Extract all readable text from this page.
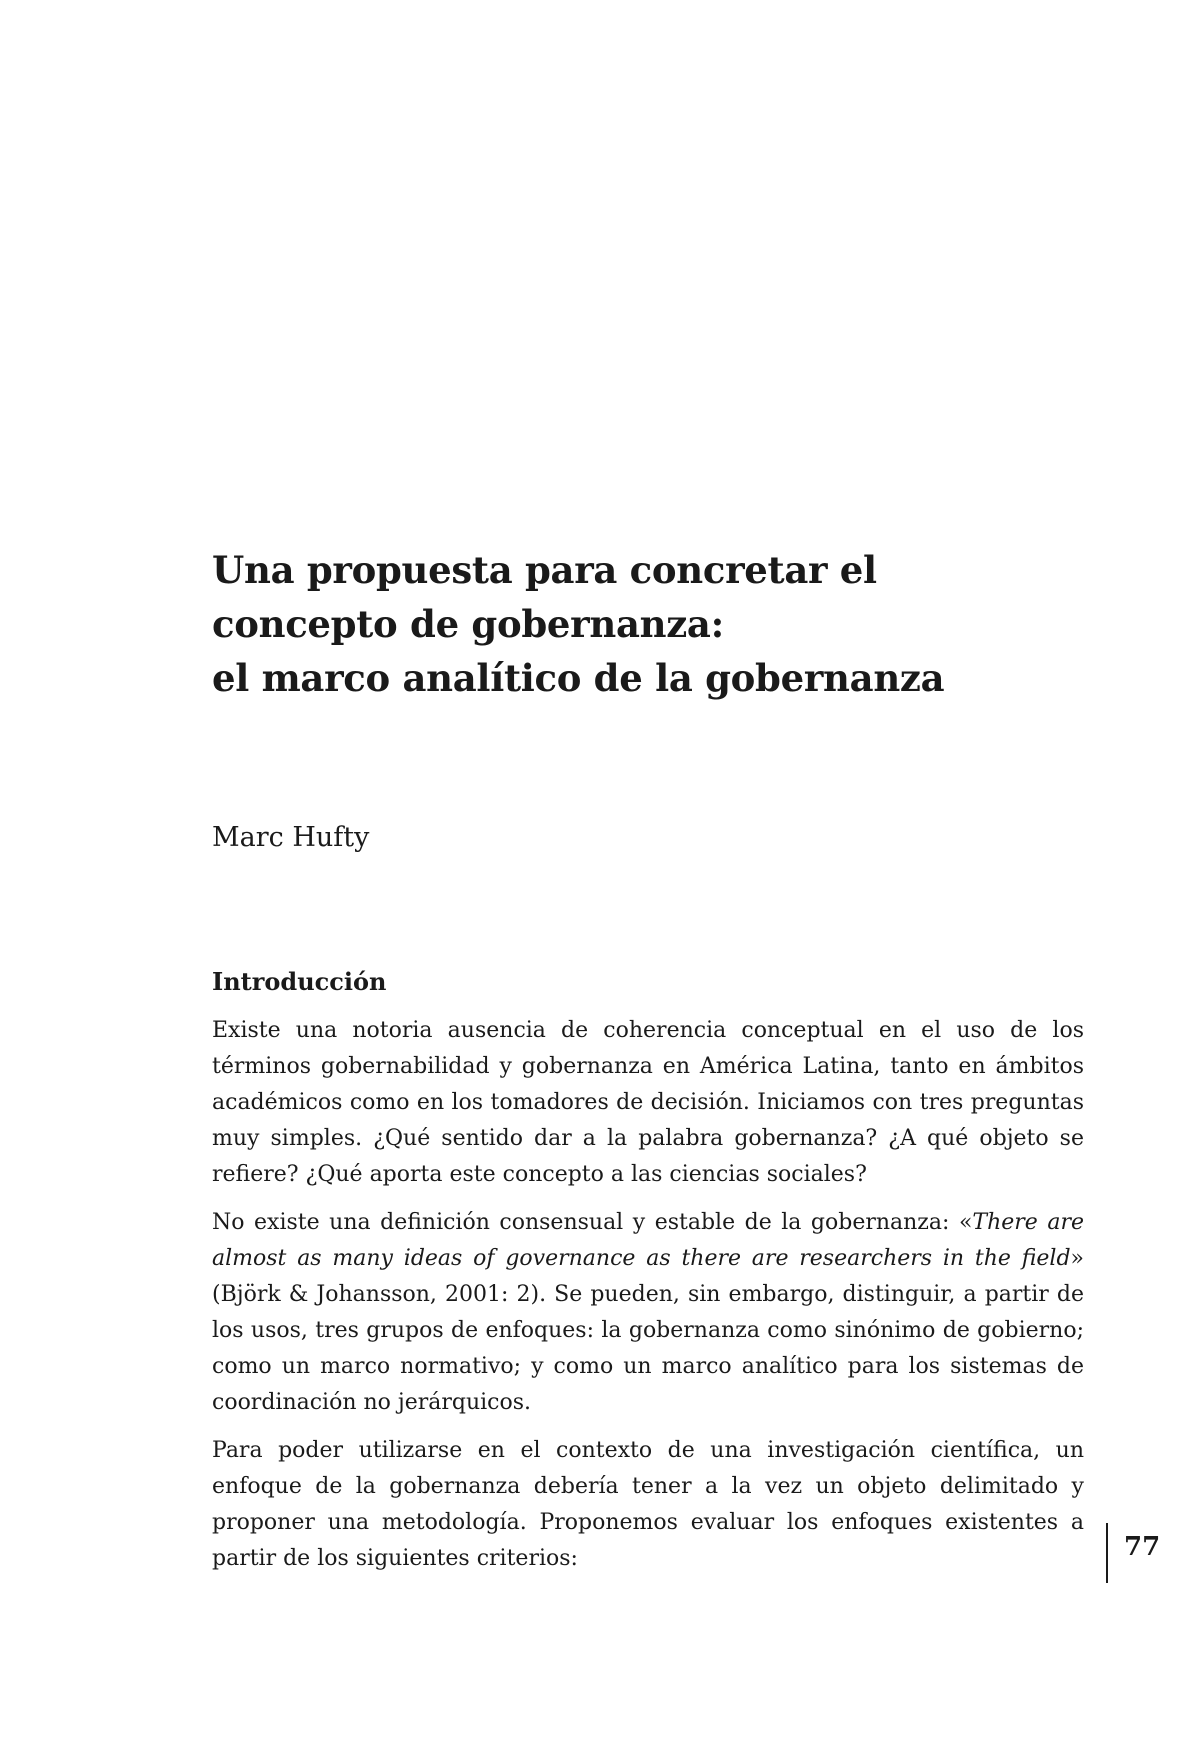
Una propuesta para concretar el
concepto de gobernanza:
el marco analítico de la gobernanza

Marc Hufty

Introducción

Existe una notoria ausencia de coherencia conceptual en el uso de los términos gobernabilidad y gobernanza en América Latina, tanto en ámbitos académicos como en los tomadores de decisión. Iniciamos con tres preguntas muy simples. ¿Qué sentido dar a la palabra gobernanza? ¿A qué objeto se refiere? ¿Qué aporta este concepto a las ciencias sociales?

No existe una definición consensual y estable de la gobernanza: «There are almost as many ideas of governance as there are researchers in the field» (Björk & Johansson, 2001: 2). Se pueden, sin embargo, distinguir, a partir de los usos, tres grupos de enfoques: la gobernanza como sinónimo de gobierno; como un marco normativo; y como un marco analítico para los sistemas de coordinación no jerárquicos.

Para poder utilizarse en el contexto de una investigación científica, un enfoque de la gobernanza debería tener a la vez un objeto delimitado y proponer una metodología. Proponemos evaluar los enfoques existentes a partir de los siguientes criterios:	77
